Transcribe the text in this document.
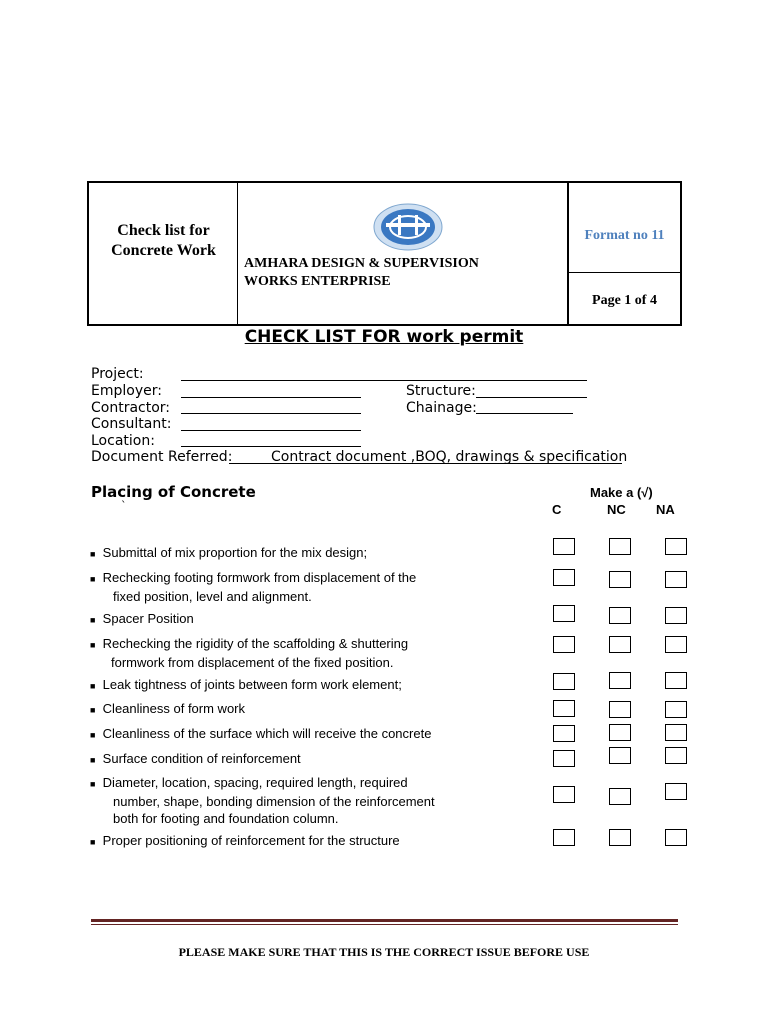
Check list for
Concrete Work
AMHARA DESIGN & SUPERVISION
WORKS ENTERPRISE
Format no 11
Page 1 of 4
CHECK LIST FOR work permit
Project:
Employer:	Structure:
Contractor:	Chainage:
Consultant:
Location:
Document Referred:	Contract document ,BOQ, drawings & specification
Placing of Concrete
`
Make a (√)
C	NC NA
■ Submittal of mix proportion for the mix design;
■ Rechecking footing formwork from displacement of the
fixed position, level and alignment.
■ Spacer Position
■ Rechecking the rigidity of the scaffolding & shuttering
formwork from displacement of the fixed position.
■ Leak tightness of joints between form work element;
■ Cleanliness of form work
■ Cleanliness of the surface which will receive the concrete
■ Surface condition of reinforcement
■ Diameter, location, spacing, required length, required
number, shape, bonding dimension of the reinforcement
both for footing and foundation column.
■ Proper positioning of reinforcement for the structure
PLEASE MAKE SURE THAT THIS IS THE CORRECT ISSUE BEFORE USE
